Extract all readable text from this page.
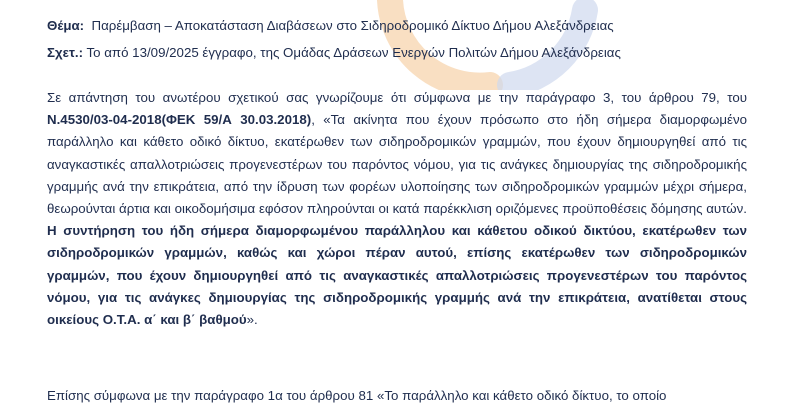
Θέμα: Παρέμβαση – Αποκατάσταση Διαβάσεων στο Σιδηροδρομικό Δίκτυο Δήμου Αλεξάνδρειας
Σχετ.: Το από 13/09/2025 έγγραφο, της Ομάδας Δράσεων Ενεργών Πολιτών Δήμου Αλεξάνδρειας
Σε απάντηση του ανωτέρου σχετικού σας γνωρίζουμε ότι σύμφωνα με την παράγραφο 3, του άρθρου 79, του Ν.4530/03-04-2018(ΦΕΚ 59/Α 30.03.2018), «Τα ακίνητα που έχουν πρόσωπο στο ήδη σήμερα διαμορφωμένο παράλληλο και κάθετο οδικό δίκτυο, εκατέρωθεν των σιδηροδρομικών γραμμών, που έχουν δημιουργηθεί από τις αναγκαστικές απαλλοτριώσεις προγενεστέρων του παρόντος νόμου, για τις ανάγκες δημιουργίας της σιδηροδρομικής γραμμής ανά την επικράτεια, από την ίδρυση των φορέων υλοποίησης των σιδηροδρομικών γραμμών μέχρι σήμερα, θεωρούνται άρτια και οικοδομήσιμα εφόσον πληρούνται οι κατά παρέκκλιση οριζόμενες προϋποθέσεις δόμησης αυτών. Η συντήρηση του ήδη σήμερα διαμορφωμένου παράλληλου και κάθετου οδικού δικτύου, εκατέρωθεν των σιδηροδρομικών γραμμών, καθώς και χώροι πέραν αυτού, επίσης εκατέρωθεν των σιδηροδρομικών γραμμών, που έχουν δημιουργηθεί από τις αναγκαστικές απαλλοτριώσεις προγενεστέρων του παρόντος νόμου, για τις ανάγκες δημιουργίας της σιδηροδρομικής γραμμής ανά την επικράτεια, ανατίθεται στους οικείους Ο.Τ.Α. α΄ και β΄ βαθμού».
Επίσης σύμφωνα με την παράγραφο 1α του άρθρου 81 «Το παράλληλο και κάθετο οδικό δίκτυο, το οποίο
